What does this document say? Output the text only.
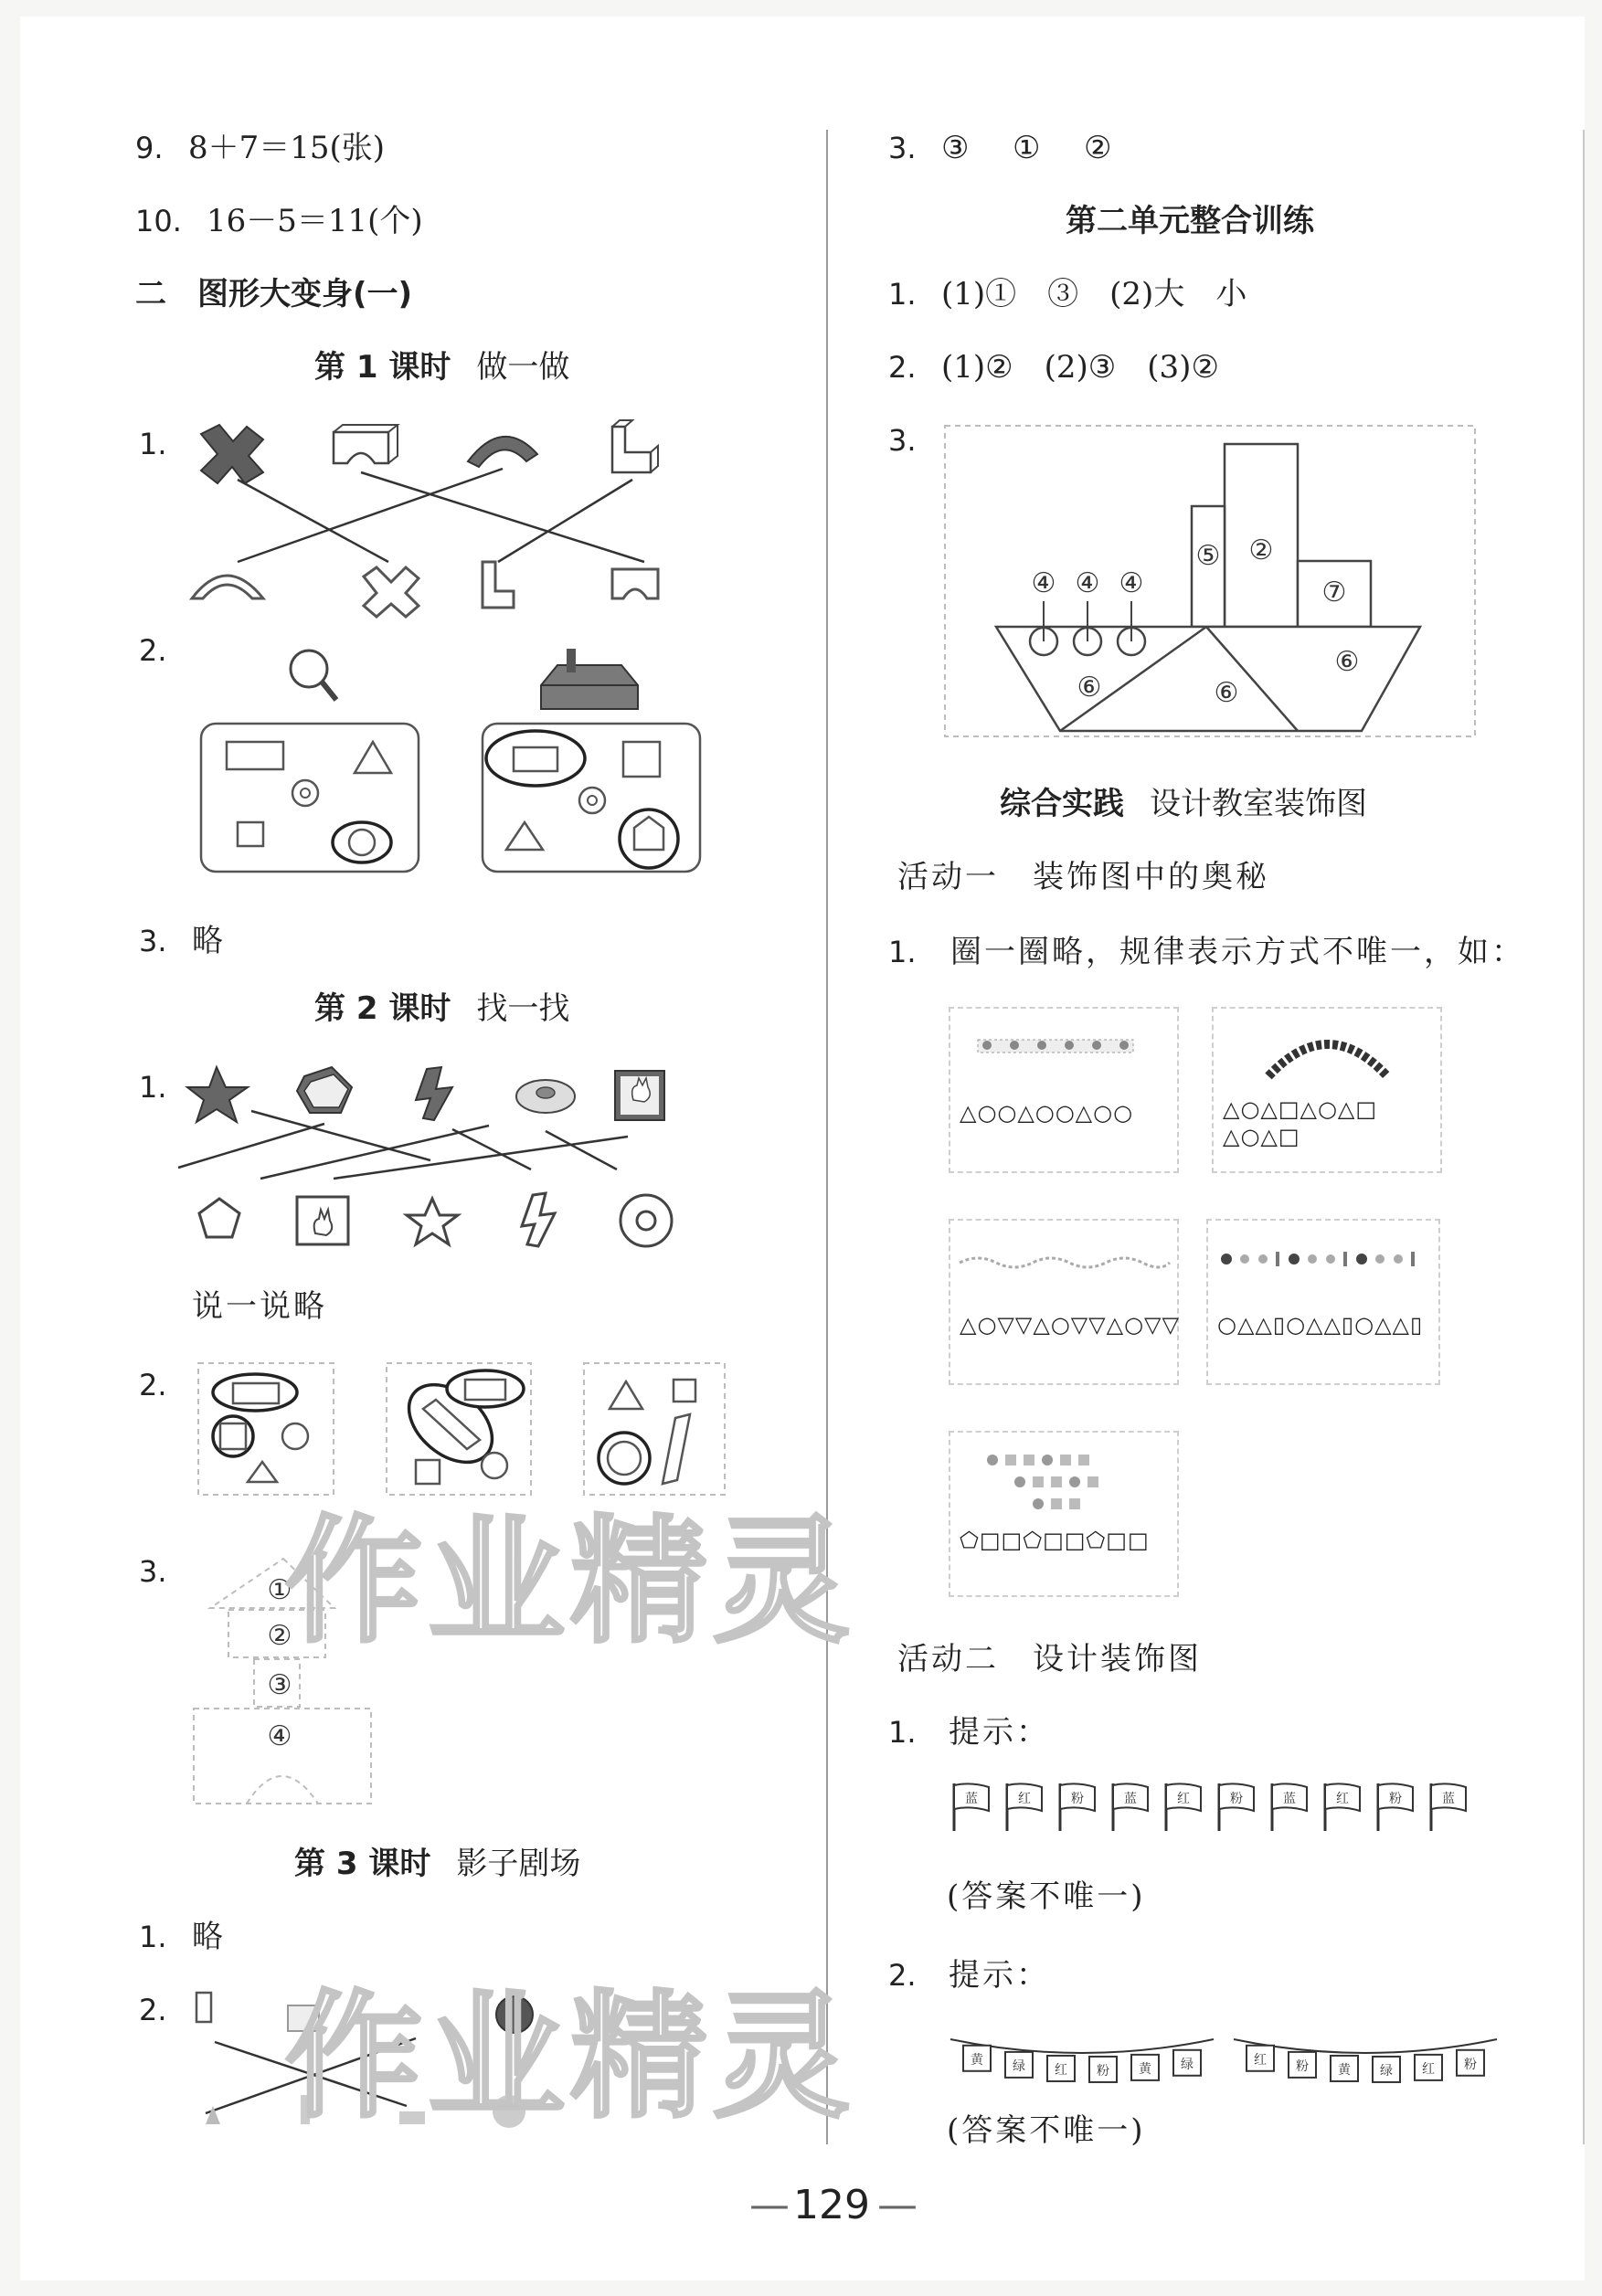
9. 8＋7＝15(张)
10. 16－5＝11(个)
二　图形大变身(一)
第 1 课时 做一做
1.
2.
3. 略
第 2 课时 找一找
1.
说一说略
2.
3.
①
②
③
④
第 3 课时 影子剧场
1. 略
2.
作业精灵
作业精灵
3. ③ ① ②
第二单元整合训练
1. (1)①　③　(2)大　小
2. (1)②　(2)③　(3)②
3.
②
⑤
⑦
④ ④ ④
⑥	⑥
⑥
综合实践 设计教室装饰图
活动一　装饰图中的奥秘
1. 圈一圈略，规律表示方式不唯一，如：
△○○△○○△○○	△○△□△○△□
△○△□
△○▽▽△○▽▽△○▽▽ ○△△▯○△△▯○△△▯
⬠□□⬠□□⬠□□
活动二　设计装饰图
1. 提示：
蓝	红	粉	蓝	红	粉	蓝	红	粉	蓝
(答案不唯一)
2. 提示：
黄 绿 红 粉 黄 绿	红 粉 黄 绿 红 粉
(答案不唯一)
— 129 —
